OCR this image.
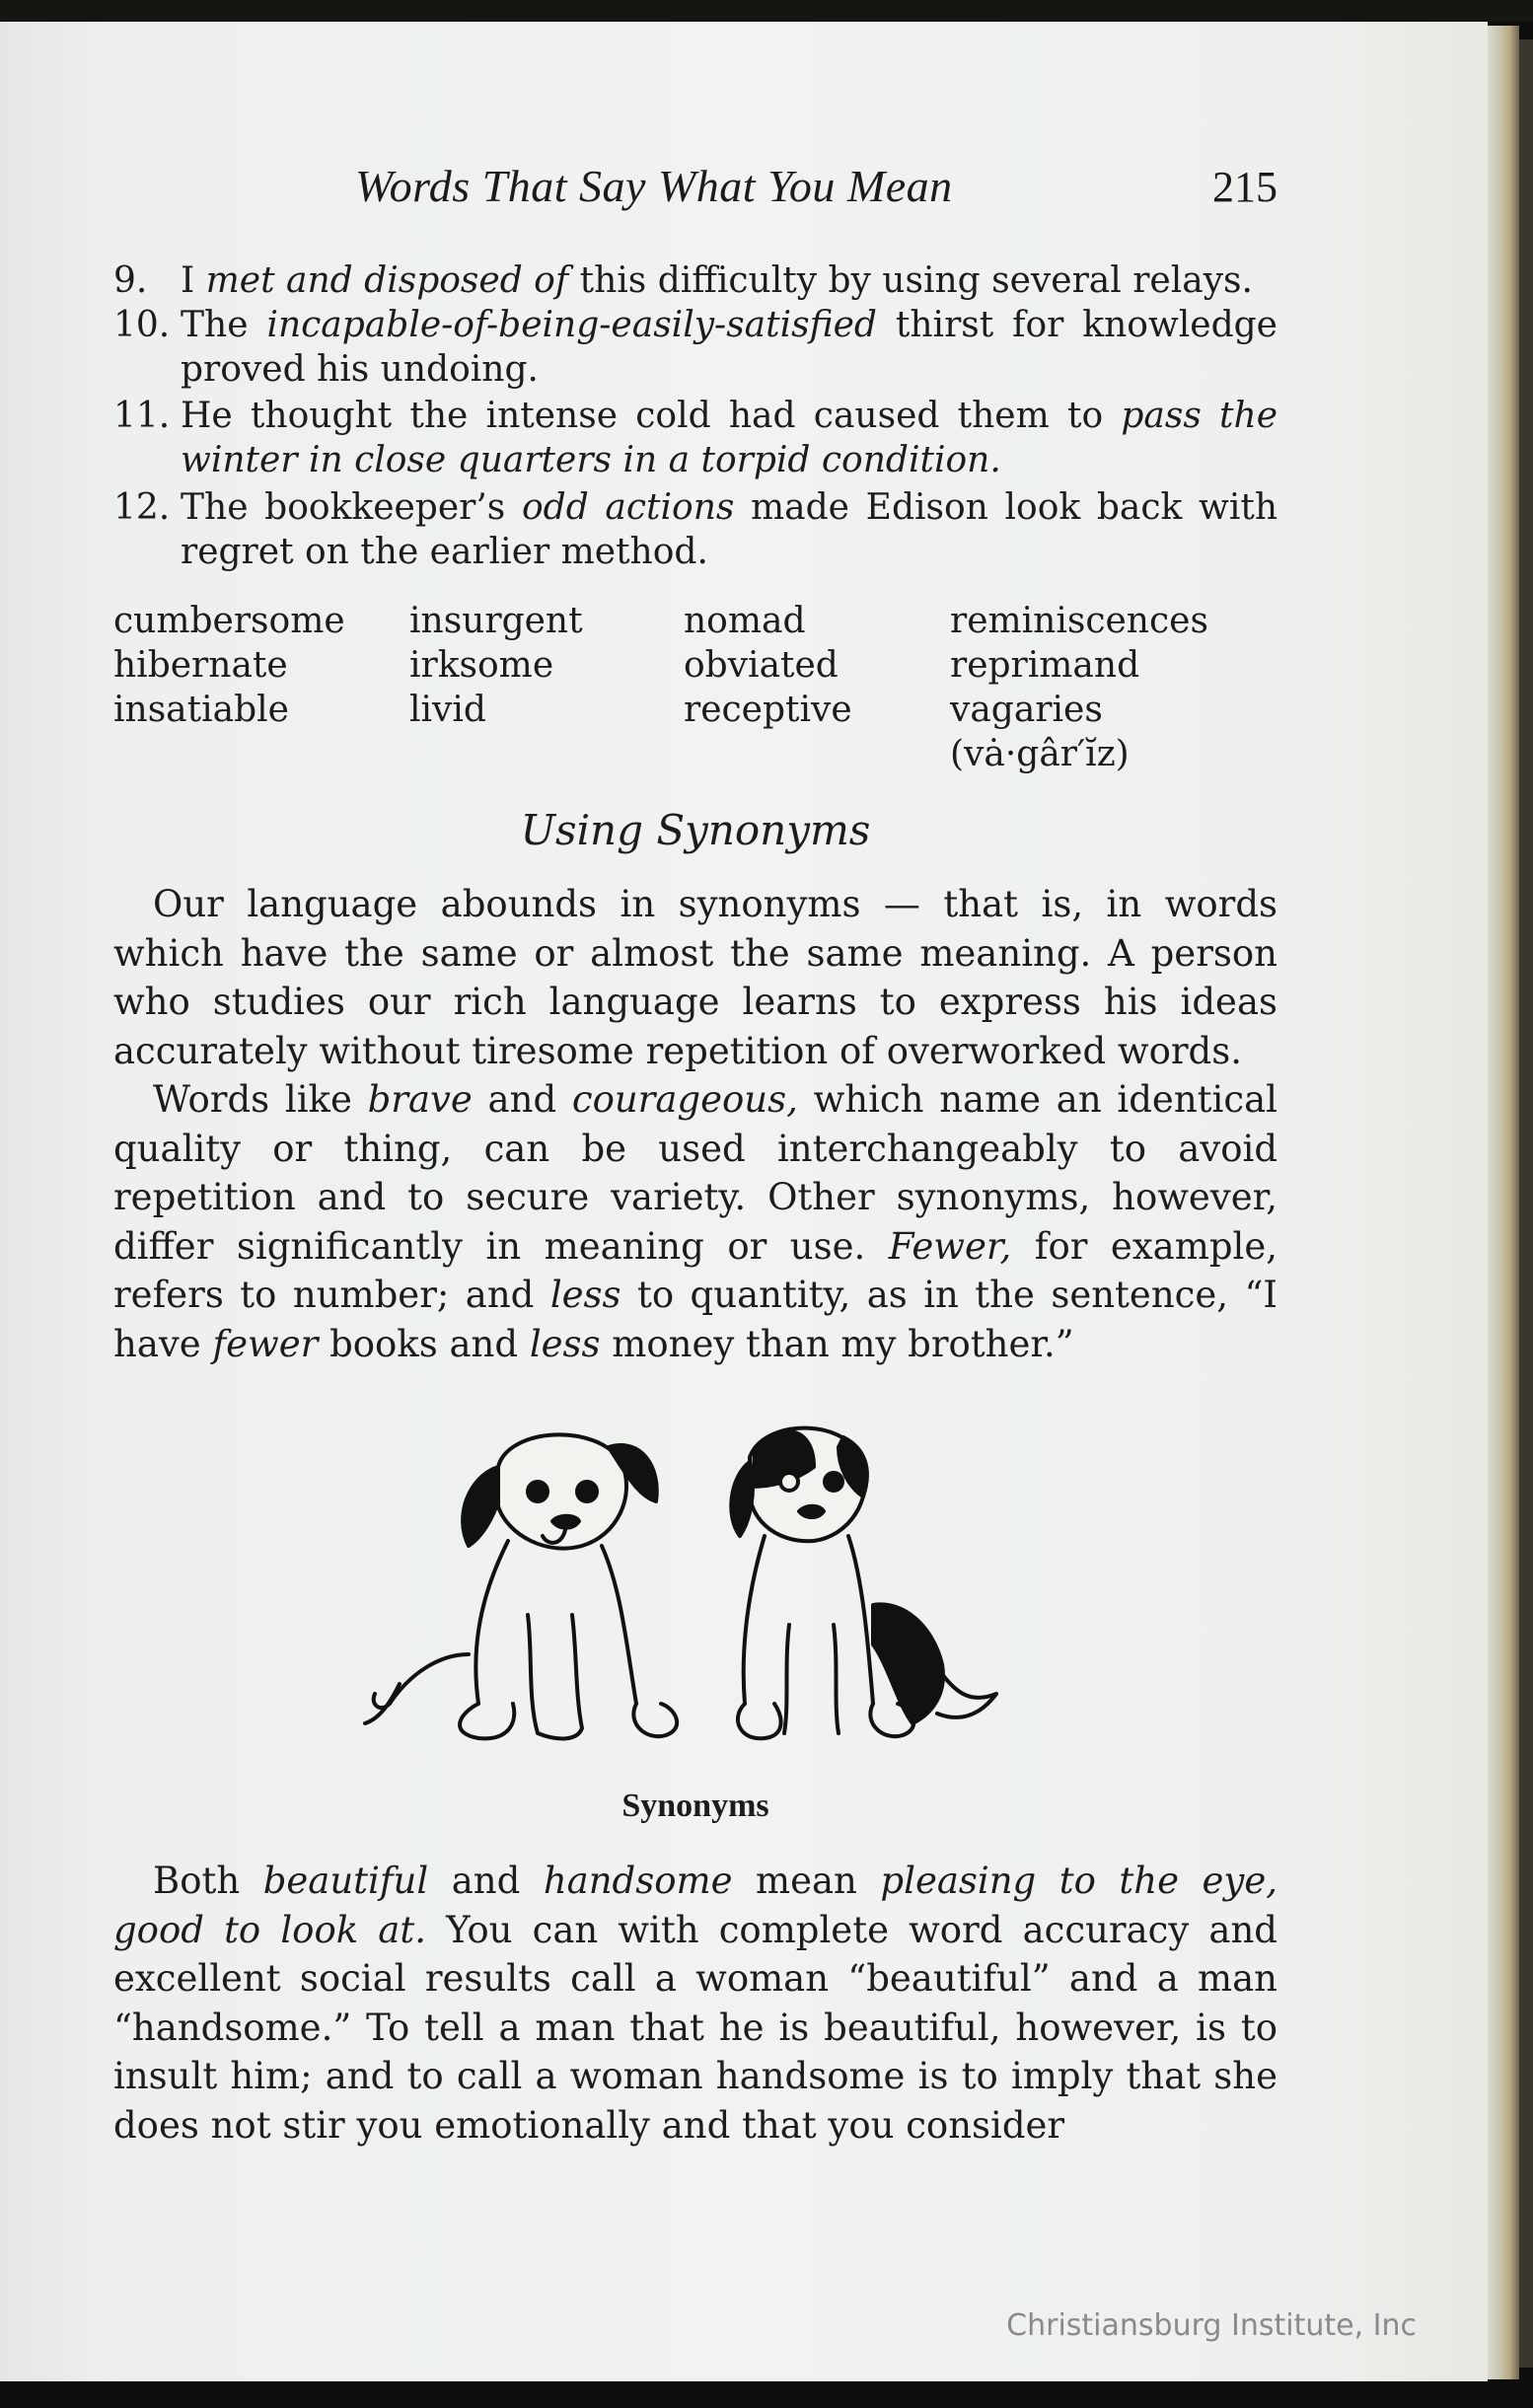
Words That Say What You Mean	215
9. I met and disposed of this difficulty by using several relays.
10. The incapable-of-being-easily-satisfied thirst for knowledge proved his undoing.
11. He thought the intense cold had caused them to pass the winter in close quarters in a torpid condition.
12. The bookkeeper’s odd actions made Edison look back with regret on the earlier method.
cumbersome
hibernate
insatiable
insurgent
irksome
livid
nomad
obviated
receptive
reminiscences
reprimand
vagaries (vȧ·gâr′ĭz)
Using Synonyms
Our language abounds in synonyms — that is, in words which have the same or almost the same meaning. A person who studies our rich language learns to express his ideas accurately without tiresome repetition of overworked words.
Words like brave and courageous, which name an identical quality or thing, can be used interchangeably to avoid repetition and to secure variety. Other synonyms, however, differ significantly in meaning or use. Fewer, for example, refers to number; and less to quantity, as in the sentence, “I have fewer books and less money than my brother.”
Synonyms
Both beautiful and handsome mean pleasing to the eye, good to look at. You can with complete word accuracy and excellent social results call a woman “beautiful” and a man “handsome.” To tell a man that he is beautiful, however, is to insult him; and to call a woman handsome is to imply that she does not stir you emotionally and that you consider
Christiansburg Institute, Inc
